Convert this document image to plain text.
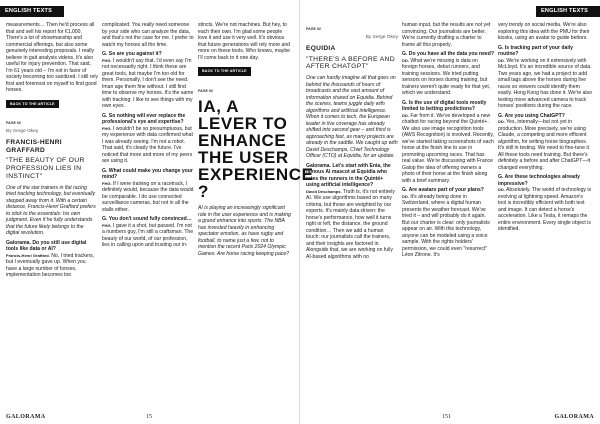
ENGLISH TEXTS

measurements… Then he'd process all that and sell his report for €1,000. There's a lot of showmanship and commercial offerings, but also some genuinely interesting proposals. I really believe in gait analysis videos. It's also useful for injury prevention. That said, I'm 61 years old – I'm not in favor of society becoming too sanitized. I still rely first and foremost on myself to find good horses.

BACK TO THE ARTICLE
PAGE 60
By Serge Okey
FRANCIS-HENRI GRAFFARD
"THE BEAUTY OF OUR PROFESSION LIES IN INSTINCT"

One of the star trainers in flat racing tried tracking technology, but eventually stepped away from it. With a certain distance, Francis-Henri Graffard prefers to stick to the essentials: his own judgment. Even if he fully understands that the future likely belongs to the digital revolution.

Galorama. Do you still use digital tools like data or AI?
Francis-Henri Graffard. No, I tried trackers, but I eventually gave up. When you have a large number of horses, implementation becomes too

complicated. You really need someone by your side who can analyze the data, and that's not the case for me. I prefer to watch my horses all the time.

G. So are you against it?
FHG. I wouldn't say that. I'd even say I'm not necessarily right. I think these are great tools, but maybe I'm too old for them. Personally, I don't see the need. Iman age them fine without. I still find time to observe my horses. It's the same with tracking: I like to see things with my own eyes.

G. So nothing will ever replace the professional's eye and expertise?
FHG. I wouldn't be so presumptuous, but my experience with data confirmed what I was already seeing. I'm not a robot. That said, it's clearly the future. I've noticed that more and more of my peers are using it.

G. What could make you change your mind?
FHG. If I were training on a racetrack, I definitely would, because the data would be comparable. I do use connected surveillance cameras, but not in all the stalls either.

G. You don't sound fully convinced…
FHG. I gave it a shot, but passed. I'm not a numbers guy, I'm still a craftsman. The beauty of our world, of our profession, lies in calling upon and trusting our in-

stincts. We're not machines. But hey, to each their own. I'm glad some people love it and use it very well. It's obvious that future generations will rely more and more on these tools. Who knows, maybe I'll come back to it one day.

BACK TO THE ARTICLE
PAGE 92
IA, A LEVER TO ENHANCE THE USER EXPERIENCE ?

AI is playing an increasingly significant role in the user experience and is making a grand entrance into sports. The NBA has invested heavily in enhancing spectator emotion, as have rugby and football, to name just a few, not to mention the recent Paris 2024 Olympic Games. Are horse racing keeping pace?

GALORAMA	15
ENGLISH TEXTS
PAGE 92
By Serge Okey
EQUIDIA
"THERE'S A BEFORE AND AFTER CHATGPT"

One can hardly imagine all that goes on behind the thousands of hours of broadcasts and the vast amount of information shared on Equidia. Behind the scenes, teams juggle daily with algorithms and artificial intelligence. When it comes to tech, the European leader in live coverage has already shifted into second gear – and third is approaching fast, as many projects are already in the saddle. We caught up with David Deschamps, Chief Technology Officer (CTO) at Equidia, for an update.

Galorama. Let's start with Enia, the famous AI mascot at Equidia who rates the runners in the Quinté+ using artificial intelligence?
David Deschamps. Truth is, it's not entirely AI. We use algorithms based on many criteria, but those are weighted by our experts. It's mainly data-driven: the horse's performance, how well it turns right or left, the distance, the ground condition… Then we add a human touch: our journalists call the trainers, and their insights are factored in. Alongside that, we are working on fully AI-based algorithms with no

human input, but the results are not yet convincing. Our journalists are better. We're currently drafting a charter to frame all this properly.

G. Do you have all the data you need?
DD. What we're missing is data on foreign horses, debut runners, and training sessions. We tried putting sensors on horses during training, but trainers weren't quite ready for that yet, which we understand.

G. Is the use of digital tools mostly limited to betting predictions?
DD. Far from it. We've developed a new chatbot for racing beyond the Quinté+. We also use image recognition tools (AWS Recognition) is involved. Recently, we've started taking screenshots of each horse at the finish line to use in promoting upcoming races. That has real value. We're discussing with France Galop the idea of offering owners a photo of their horse at the finish along with a brief summary.

G. Are avatars part of your plans?
DD. It's already being done in Switzerland, where a digital human presents the weather forecast. We've tried it – and will probably do it again. But our charter is clear: only journalists appear on air. With this technology, anyone can be modeled using a voice sample. With the rights holders' permission, we could even "resurrect" Léon Zitrone. It's

very trendy on social media. We're also exploring this idea with the PMU for their kiosks, using an avatar to guide bettors.

G. Is tracking part of your daily routine?
DD. We're working on it extensively with McLloyd. It's an incredible source of data. Two years ago, we had a project to add small tags above the horses during live races so viewers could identify them easily. Hong Kong has done it. We're also testing more advanced camera to track horses' positions during the race.

G. Are you using ChatGPT?
DD. Yes, internally—but not yet in production. More precisely, we're using Claude, a competing and more efficient algorithm, for writing horse biographies. It's still in testing. We need to fine-tune it. All these tools need training. But there's definitely a before and after ChatGPT—it changed everything.

G. Are these technologies already impressive?
DD. Absolutely. The world of technology is evolving at lightning speed. Amazon's tool is incredibly efficient with both text and image. It can detect a horse's acceleration. Like a Tesla, it remaps the entire environment. Every single object is identified.

151	GALORAMA
